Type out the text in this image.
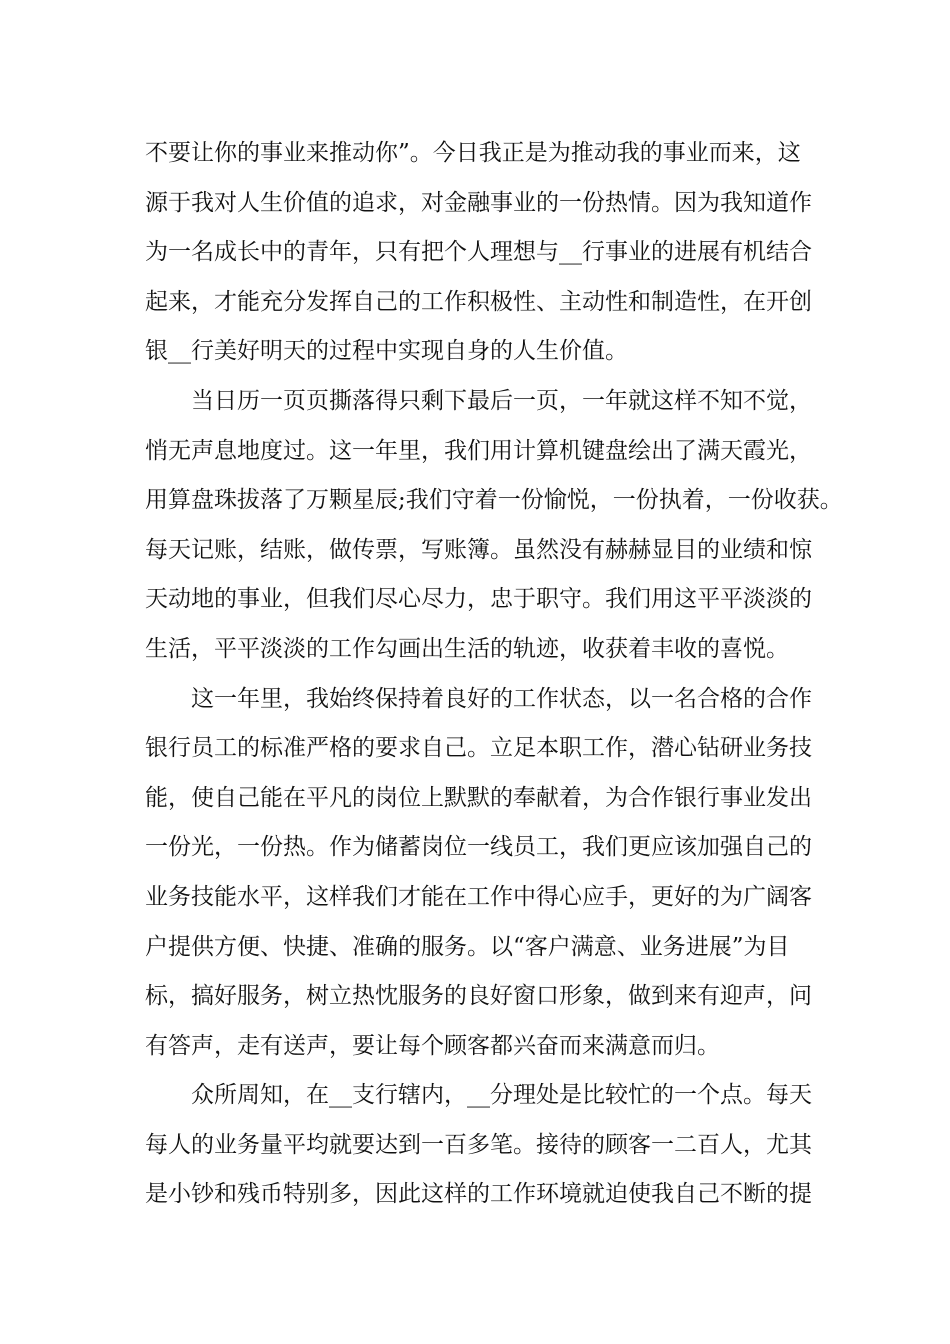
不要让你的事业来推动你”。今日我正是为推动我的事业而来，这
源于我对人生价值的追求，对金融事业的一份热情。因为我知道作
为一名成长中的青年，只有把个人理想与__行事业的进展有机结合
起来，才能充分发挥自己的工作积极性、主动性和制造性，在开创
银__行美好明天的过程中实现自身的人生价值。
当日历一页页撕落得只剩下最后一页，一年就这样不知不觉，
悄无声息地度过。这一年里，我们用计算机键盘绘出了满天霞光，
用算盘珠拔落了万颗星辰;我们守着一份愉悦，一份执着，一份收获。
每天记账，结账，做传票，写账簿。虽然没有赫赫显目的业绩和惊
天动地的事业，但我们尽心尽力，忠于职守。我们用这平平淡淡的
生活，平平淡淡的工作勾画出生活的轨迹，收获着丰收的喜悦。
这一年里，我始终保持着良好的工作状态，以一名合格的合作
银行员工的标准严格的要求自己。立足本职工作，潜心钻研业务技
能，使自己能在平凡的岗位上默默的奉献着，为合作银行事业发出
一份光，一份热。作为储蓄岗位一线员工，我们更应该加强自己的
业务技能水平，这样我们才能在工作中得心应手，更好的为广阔客
户提供方便、快捷、准确的服务。以“客户满意、业务进展”为目
标，搞好服务，树立热忱服务的良好窗口形象，做到来有迎声，问
有答声，走有送声，要让每个顾客都兴奋而来满意而归。
众所周知，在__支行辖内，__分理处是比较忙的一个点。每天
每人的业务量平均就要达到一百多笔。接待的顾客一二百人，尤其
是小钞和残币特别多，因此这样的工作环境就迫使我自己不断的提
